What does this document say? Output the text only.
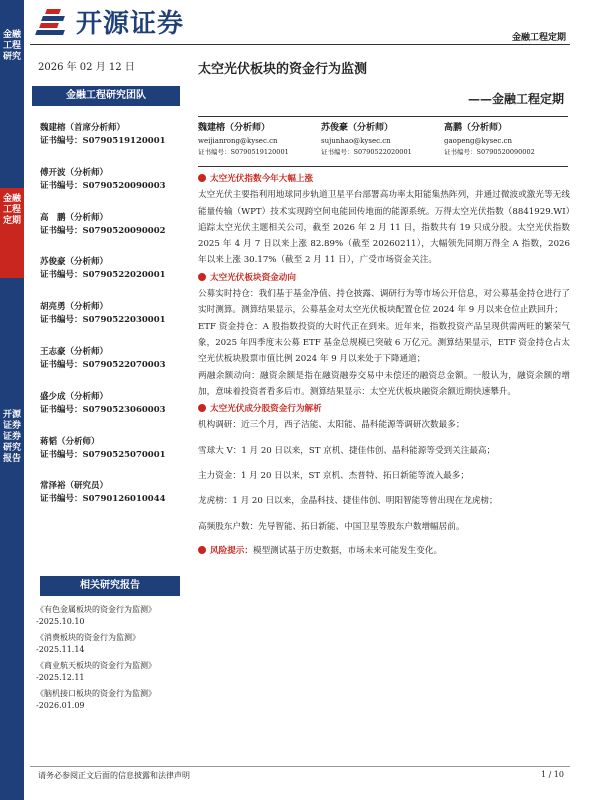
金融工程研究
金融工程定期
开源证券 证券研究报告
开源证券	金融工程定期
2026 年 02 月 12 日
金融工程研究团队
魏建榕（首席分析师）
证书编号：S0790519120001
傅开波（分析师）
证书编号：S0790520090003
高　鹏（分析师）
证书编号：S0790520090002
苏俊豪（分析师）
证书编号：S0790522020001
胡亮勇（分析师）
证书编号：S0790522030001
王志豪（分析师）
证书编号：S0790522070003
盛少成（分析师）
证书编号：S0790523060003
蒋韬（分析师）
证书编号：S0790525070001
常泽裕（研究员）
证书编号：S0790126010044
相关研究报告
《有色金属板块的资金行为监测》
-2025.10.10
《消费板块的资金行为监测》
-2025.11.14
《商业航天板块的资金行为监测》
-2025.12.11
《脑机接口板块的资金行为监测》
-2026.01.09
太空光伏板块的资金行为监测
——金融工程定期
魏建榕（分析师）
weijianrong@kysec.cn
证书编号：S0790519120001
苏俊豪（分析师）
sujunhao@kysec.cn
证书编号：S0790522020001
高鹏（分析师）
gaopeng@kysec.cn
证书编号：S0790520090002
太空光伏指数今年大幅上涨
太空光伏主要指利用地球同步轨道卫星平台部署高功率太阳能集热阵列，并通过微波或激光等无线能量传输（WPT）技术实现跨空间电能回传地面的能源系统。万得太空光伏指数（8841929.WI）追踪太空光伏主题相关公司，截至 2026 年 2 月 11 日，指数共有 19 只成分股。太空光伏指数 2025 年 4 月 7 日以来上涨 82.89%（截至 20260211），大幅领先同期万得全 A 指数，2026 年以来上涨 30.17%（截至 2 月 11 日），广受市场资金关注。
太空光伏板块资金动向
公募实时持仓：我们基于基金净值、持仓披露、调研行为等市场公开信息，对公募基金持仓进行了实时测算。测算结果显示，公募基金对太空光伏板块配置仓位 2024 年 9 月以来仓位止跌回升；
ETF 资金持仓：A 股指数投资的大时代正在到来。近年来，指数投资产品呈现供需两旺的繁荣气象，2025 年四季度末公募 ETF 基金总规模已突破 6 万亿元。测算结果显示，ETF 资金持仓占太空光伏板块股票市值比例 2024 年 9 月以来处于下降通道；
两融余额动向：融资余额是指在融资融券交易中未偿还的融资总金额。一般认为，融资余额的增加，意味着投资者看多后市。测算结果显示：太空光伏板块融资余额近期快速攀升。
太空光伏成分股资金行为解析
机构调研：近三个月，西子洁能、太阳能、晶科能源等调研次数最多；
雪球大 V：1 月 20 日以来，ST 京机、捷佳伟创、晶科能源等受到关注最高；
主力资金：1 月 20 日以来，ST 京机、杰普特、拓日新能等流入最多；
龙虎榜：1 月 20 日以来，金晶科技、捷佳伟创、明阳智能等曾出现在龙虎榜；
高频股东户数：先导智能、拓日新能、中国卫星等股东户数增幅居前。
风险提示：模型测试基于历史数据，市场未来可能发生变化。
请务必参阅正文后面的信息披露和法律声明	1 / 10
